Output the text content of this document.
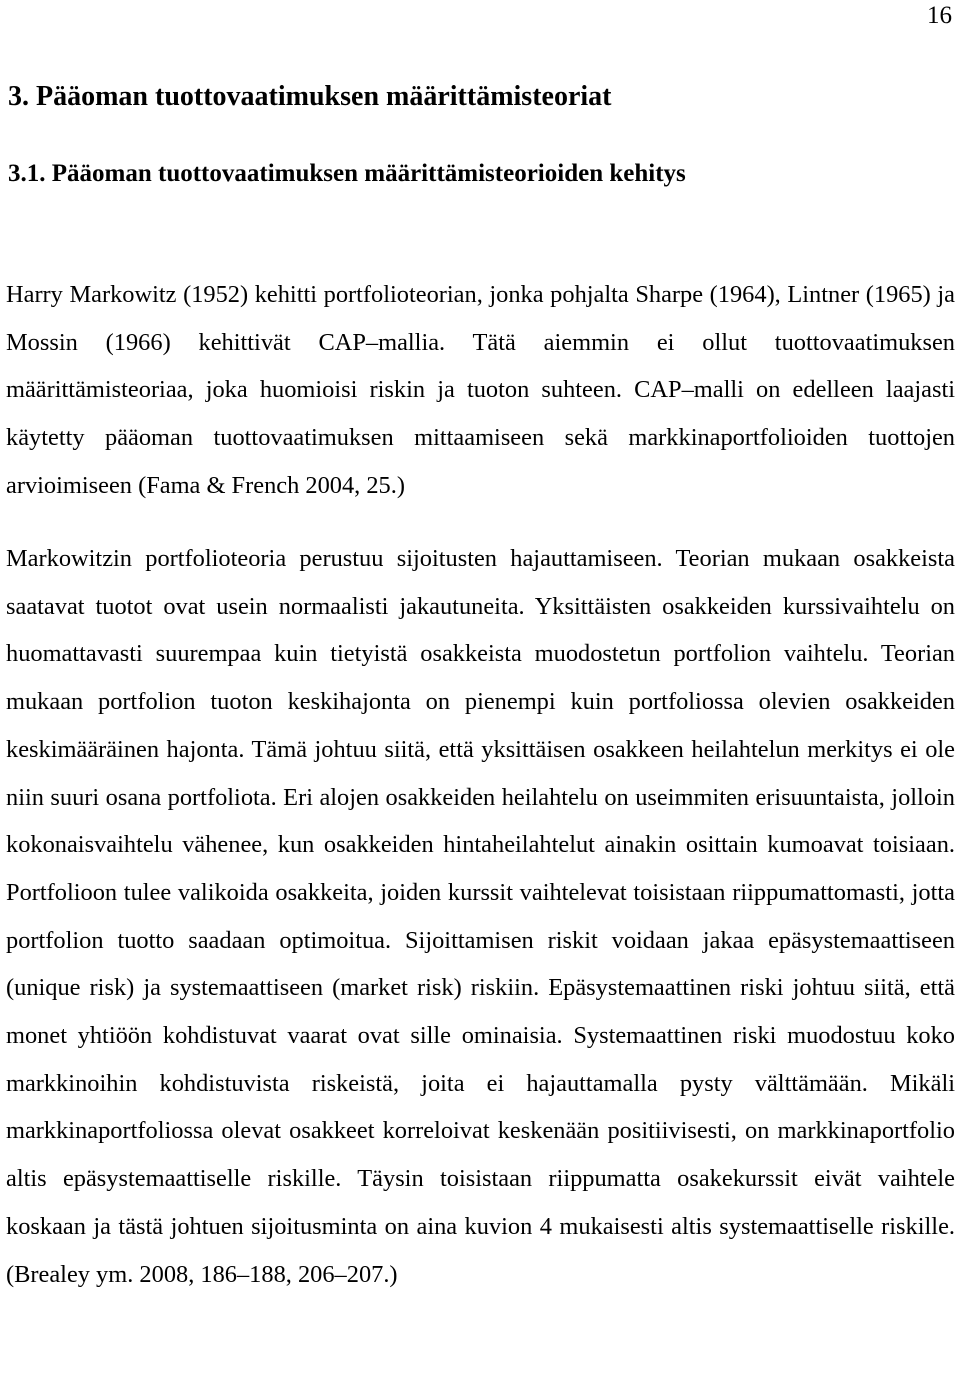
16
3. Pääoman tuottovaatimuksen määrittämisteoriat
3.1. Pääoman tuottovaatimuksen määrittämisteorioiden kehitys

Harry Markowitz (1952) kehitti portfolioteorian, jonka pohjalta Sharpe (1964), Lintner (1965) ja Mossin (1966) kehittivät CAP–mallia. Tätä aiemmin ei ollut tuottovaatimuksen määrittämisteoriaa, joka huomioisi riskin ja tuoton suhteen. CAP–malli on edelleen laajasti käytetty pääoman tuottovaatimuksen mittaamiseen sekä markkinaportfolioiden tuottojen arvioimiseen (Fama & French 2004, 25.)

Markowitzin portfolioteoria perustuu sijoitusten hajauttamiseen. Teorian mukaan osakkeista saatavat tuotot ovat usein normaalisti jakautuneita. Yksittäisten osakkeiden kurssivaihtelu on huomattavasti suurempaa kuin tietyistä osakkeista muodostetun portfolion vaihtelu. Teorian mukaan portfolion tuoton keskihajonta on pienempi kuin portfoliossa olevien osakkeiden keskimääräinen hajonta. Tämä johtuu siitä, että yksittäisen osakkeen heilahtelun merkitys ei ole niin suuri osana portfoliota. Eri alojen osakkeiden heilahtelu on useimmiten erisuuntaista, jolloin kokonaisvaihtelu vähenee, kun osakkeiden hintaheilahtelut ainakin osittain kumoavat toisiaan. Portfolioon tulee valikoida osakkeita, joiden kurssit vaihtelevat toisistaan riippumattomasti, jotta portfolion tuotto saadaan optimoitua. Sijoittamisen riskit voidaan jakaa epäsystemaattiseen (unique risk) ja systemaattiseen (market risk) riskiin. Epäsystemaattinen riski johtuu siitä, että monet yhtiöön kohdistuvat vaarat ovat sille ominaisia. Systemaattinen riski muodostuu koko markkinoihin kohdistuvista riskeistä, joita ei hajauttamalla pysty välttämään. Mikäli markkinaportfoliossa olevat osakkeet korreloivat keskenään positiivisesti, on markkinaportfolio altis epäsystemaattiselle riskille. Täysin toisistaan riippumatta osakekurssit eivät vaihtele koskaan ja tästä johtuen sijoitusminta on aina kuvion 4 mukaisesti altis systemaattiselle riskille. (Brealey ym. 2008, 186–188, 206–207.)
